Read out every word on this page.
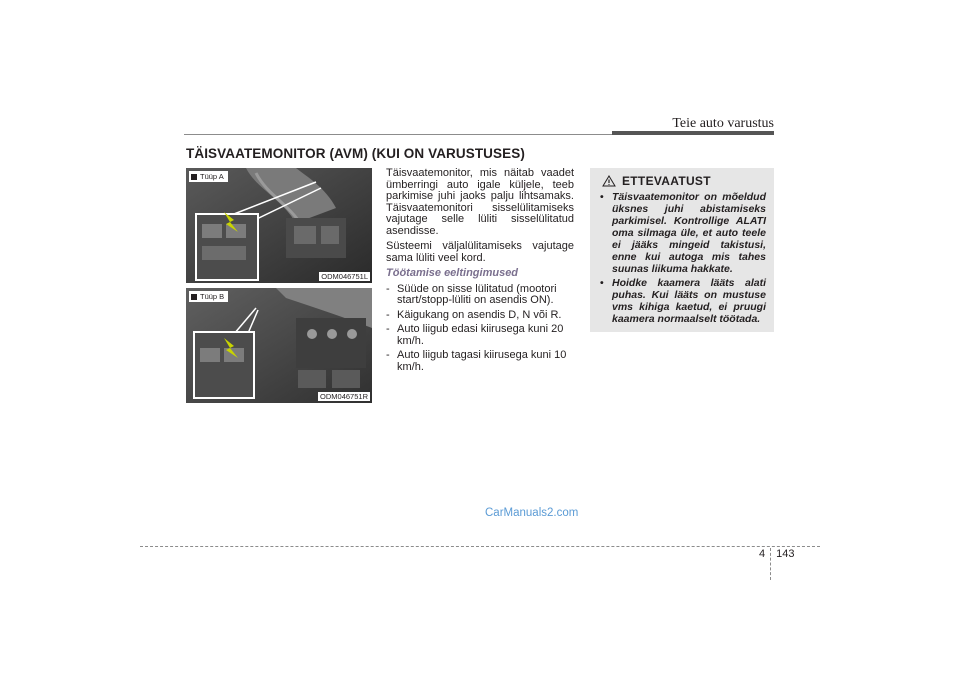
Teie auto varustus
TÄISVAATEMONITOR (AVM) (KUI ON VARUSTUSES)
Tüüp A
ODM046751L
Tüüp B
ODM046751R

Täisvaatemonitor, mis näitab vaadet ümberringi auto igale küljele, teeb parkimise juhi jaoks palju lihtsamaks. Täisvaatemonitori sisselülitamiseks vajutage selle lüliti sisselülitatud asendisse.

Süsteemi väljalülitamiseks vajutage sama lüliti veel kord.

Töötamise eeltingimused

- Süüde on sisse lülitatud (mootori start/stopp-lüliti on asendis ON).
- Käigukang on asendis D, N või R.
- Auto liigub edasi kiirusega kuni 20 km/h.
- Auto liigub tagasi kiirusega kuni 10 km/h.
ETTEVAATUST
• Täisvaatemonitor on mõeldud üksnes juhi abistamiseks parkimisel. Kontrollige ALATI oma silmaga üle, et auto teele ei jääks mingeid takistusi, enne kui autoga mis tahes suunas liikuma hakkate.
• Hoidke kaamera lääts alati puhas. Kui lääts on mustuse vms kihiga kaetud, ei pruugi kaamera normaalselt töötada.
CarManuals2.com
4	143
